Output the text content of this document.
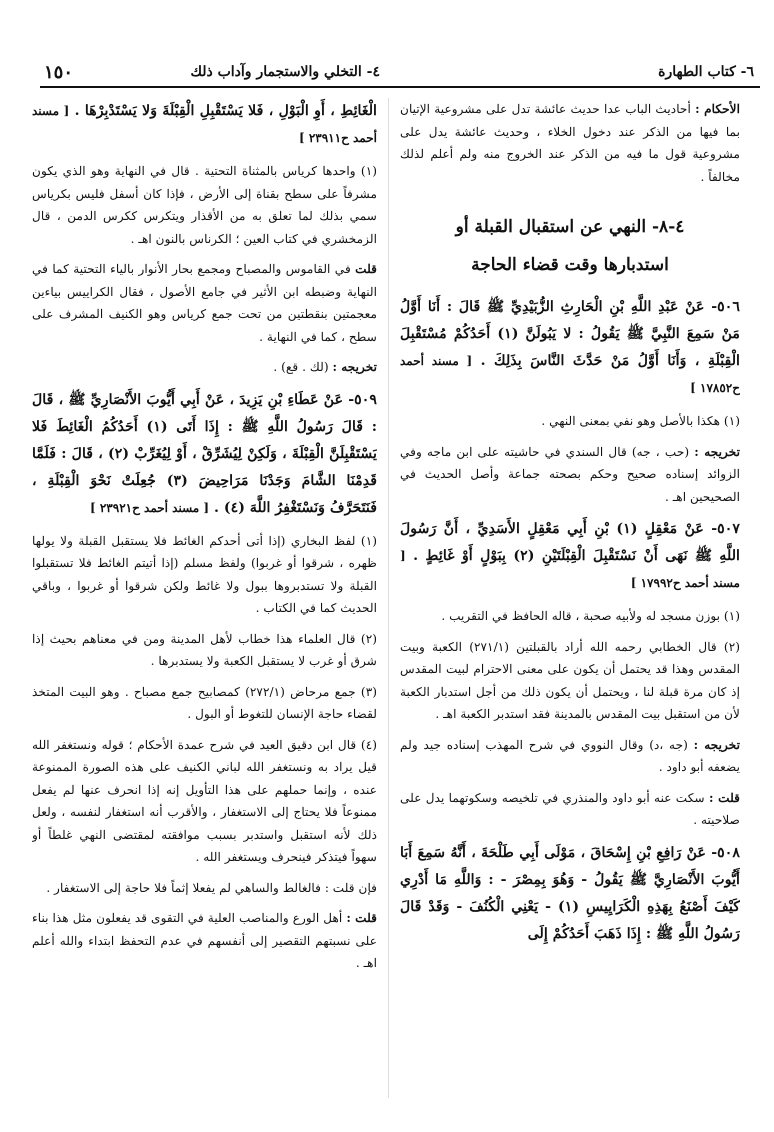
٦- كتاب الطهارة
٤- التخلي والاستجمار وآداب ذلك
١٥٠

الأحكام : أحاديث الباب عدا حديث عائشة تدل على مشروعية الإتيان بما فيها من الذكر عند دخول الخلاء ، وحديث عائشة يدل على مشروعية قول ما فيه من الذكر عند الخروج منه ولم أعلم لذلك مخالفاً .

٤-٨- النهي عن استقبال القبلة أو
استدبارها وقت قضاء الحاجة

٥٠٦- عَنْ عَبْدِ اللَّهِ بْنِ الْحَارِثِ الزُّبَيْدِيِّ ﷺ قَالَ : أَنَا أَوَّلُ مَنْ سَمِعَ النَّبِيَّ ﷺ يَقُولُ : لا يَبُولَنَّ (١) أَحَدُكُمْ مُسْتَقْبِلَ الْقِبْلَةِ ، وَأَنَا أَوَّلُ مَنْ حَدَّثَ النَّاسَ بِذَلِكَ . [ مسند أحمد ح١٧٨٥٢ ]

(١) هكذا بالأصل وهو نفي بمعنى النهي .

تخريجه : (حب ، جه) قال السندي في حاشيته على ابن ماجه وفي الزوائد إسناده صحيح وحكم بصحته جماعة وأصل الحديث في الصحيحين اهـ .

٥٠٧- عَنْ مَعْقِلٍ (١) بْنِ أَبِي مَعْقِلٍ الأَسَدِيِّ ، أَنَّ رَسُولَ اللَّهِ ﷺ نَهَى أَنْ نَسْتَقْبِلَ الْقِبْلَتَيْنِ (٢) بِبَوْلٍ أَوْ غَائِطٍ . [ مسند أحمد ح١٧٩٩٢ ]

(١) بوزن مسجد له ولأبيه صحبة ، قاله الحافظ في التقريب .

(٢) قال الخطابي رحمه الله أراد بالقبلتين (٢٧١/١) الكعبة وبيت المقدس وهذا قد يحتمل أن يكون على معنى الاحترام لبيت المقدس إذ كان مرة قبلة لنا ، ويحتمل أن يكون ذلك من أجل استدبار الكعبة لأن من استقبل بيت المقدس بالمدينة فقد استدبر الكعبة اهـ .

تخريجه : (جه ،د) وقال النووي في شرح المهذب إسناده جيد ولم يضعفه أبو داود .

قلت : سكت عنه أبو داود والمنذري في تلخيصه وسكوتهما يدل على صلاحيته .

٥٠٨- عَنْ رَافِعِ بْنِ إِسْحَاقَ ، مَوْلَى أَبِي طَلْحَةَ ، أَنَّهُ سَمِعَ أَبَا أَيُّوبَ الأَنْصَارِيَّ ﷺ يَقُولُ - وَهُوَ بِمِصْرَ - : وَاللَّهِ مَا أَدْرِي كَيْفَ أَصْنَعُ بِهَذِهِ الْكَرَايِيسِ (١) - يَعْنِي الْكُنُفَ - وَقَدْ قَالَ رَسُولُ اللَّهِ ﷺ : إِذَا ذَهَبَ أَحَدُكُمْ إِلَى

الْغَائِطِ ، أَوِ الْبَوْلِ ، فَلا يَسْتَقْبِلِ الْقِبْلَةَ وَلا يَسْتَدْبِرْهَا . [ مسند أحمد ح٢٣٩١١ ]

(١) واحدها كرياس بالمثناة التحتية . قال في النهاية وهو الذي يكون مشرفاً على سطح بقناة إلى الأرض ، فإذا كان أسفل فليس بكرياس سمي بذلك لما تعلق به من الأقذار ويتكرس ككرس الدمن ، قال الزمخشري في كتاب العين ؛ الكرناس بالنون اهـ .

قلت في القاموس والمصباح ومجمع بحار الأنوار بالياء التحتية كما في النهاية وضبطه ابن الأثير في جامع الأصول ، فقال الكراييس بياءين معجمتين بنقطتين من تحت جمع كرياس وهو الكنيف المشرف على سطح ، كما في النهاية .

تخريجه : (لك . قع) .

٥٠٩- عَنْ عَطَاءِ بْنِ يَزِيدَ ، عَنْ أَبِي أَيُّوبَ الأَنْصَارِيِّ ﷺ ، قَالَ : قَالَ رَسُولُ اللَّهِ ﷺ : إِذَا أَتَى (١) أَحَدُكُمُ الْغَائِطَ فَلا يَسْتَقْبِلَنَّ الْقِبْلَةَ ، وَلَكِنْ لِيُشَرِّقْ ، أَوْ لِيُغَرِّبْ (٢) ، قَالَ : فَلَمَّا قَدِمْنَا الشَّامَ وَجَدْنَا مَرَاحِيضَ (٣) جُعِلَتْ نَحْوَ الْقِبْلَةِ ، فَنَتَحَرَّفُ وَنَسْتَغْفِرُ اللَّهَ (٤) . [ مسند أحمد ح٢٣٩٢١ ]

(١) لفظ البخاري (إذا أتى أحدكم الغائط فلا يستقبل القبلة ولا يولها ظهره ، شرقوا أو غربوا) ولفظ مسلم (إذا أتيتم الغائط فلا تستقبلوا القبلة ولا تستدبروها ببول ولا غائط ولكن شرقوا أو غربوا ، وباقي الحديث كما في الكتاب .

(٢) قال العلماء هذا خطاب لأهل المدينة ومن في معناهم بحيث إذا شرق أو غرب لا يستقبل الكعبة ولا يستدبرها .

(٣) جمع مرحاض (٢٧٢/١) كمصابيح جمع مصباح . وهو البيت المتخذ لقضاء حاجة الإنسان للتغوط أو البول .

(٤) قال ابن دقيق العيد في شرح عمدة الأحكام ؛ قوله ونستغفر الله قيل يراد به ونستغفر الله لباني الكنيف على هذه الصورة الممنوعة عنده ، وإنما حملهم على هذا التأويل إنه إذا انحرف عنها لم يفعل ممنوعاً فلا يحتاج إلى الاستغفار ، والأقرب أنه استغفار لنفسه ، ولعل ذلك لأنه استقبل واستدبر بسبب موافقته لمقتضى النهي غلطاً أو سهواً فيتذكر فينحرف ويستغفر الله .

فإن قلت : فالغالط والساهي لم يفعلا إثماً فلا حاجة إلى الاستغفار .

قلت : أهل الورع والمناصب العلية في التقوى قد يفعلون مثل هذا بناء على نسبتهم التقصير إلى أنفسهم في عدم التحفظ ابتداء والله أعلم اهـ .
